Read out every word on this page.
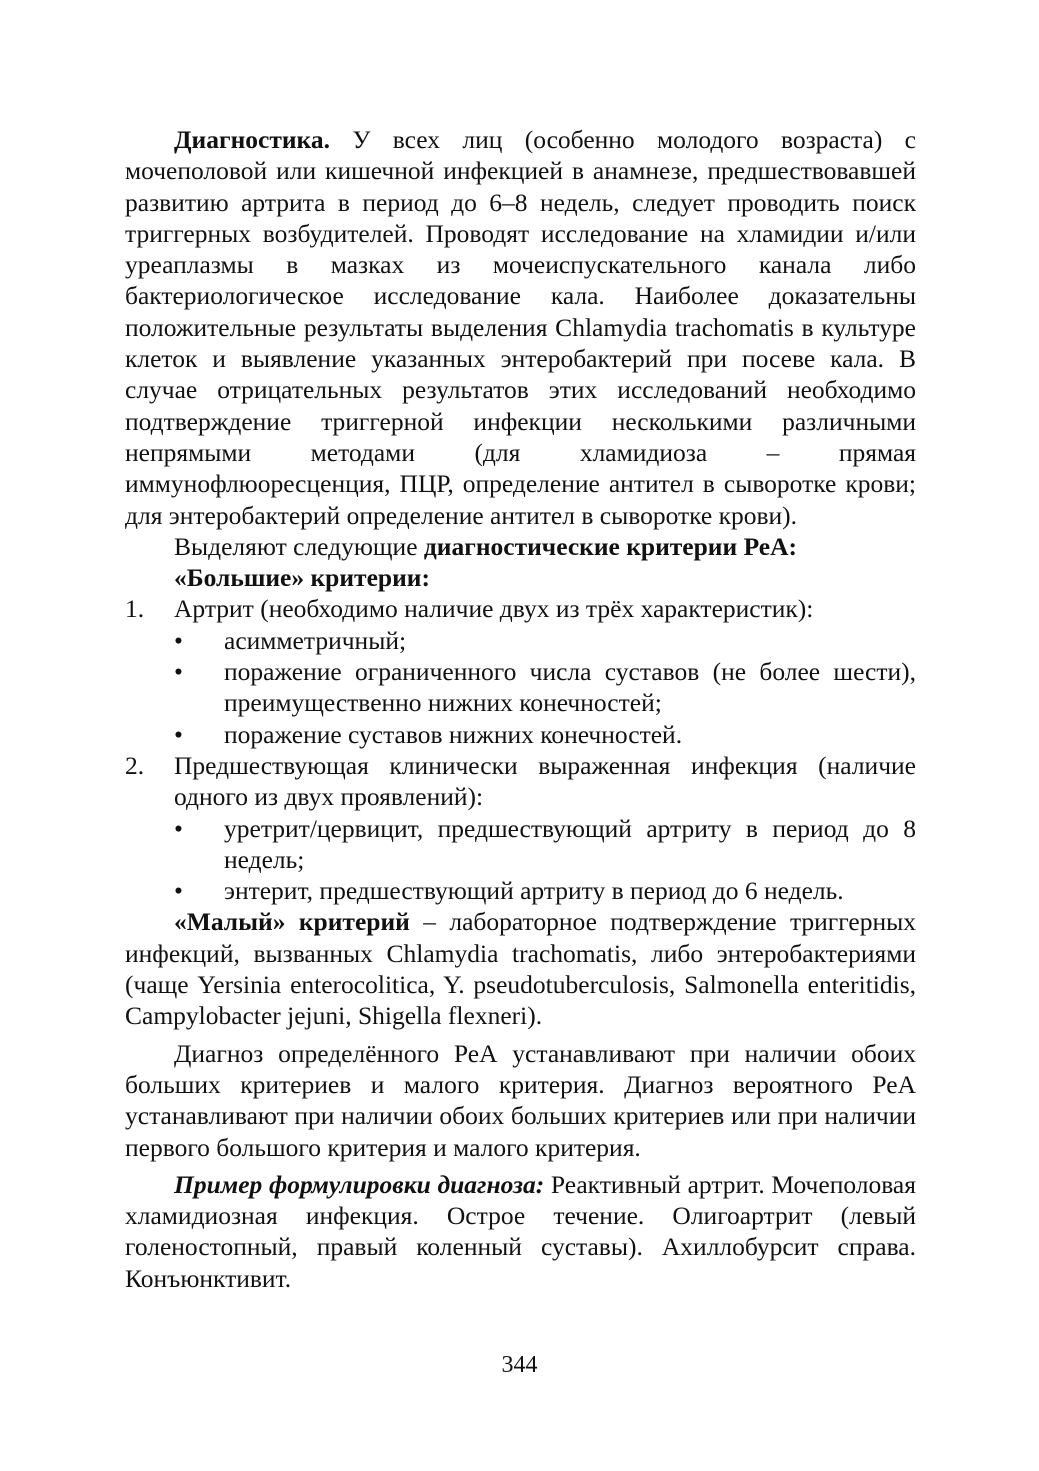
Диагностика. У всех лиц (особенно молодого возраста) с мочеполовой или кишечной инфекцией в анамнезе, предшествовавшей развитию артрита в период до 6–8 недель, следует проводить поиск триггерных возбудителей. Проводят исследование на хламидии и/или уреаплазмы в мазках из мочеиспускательного канала либо бактериологическое исследование кала. Наиболее доказательны положительные результаты выделения Chlamydia trachomatis в культуре клеток и выявление указанных энтеробактерий при посеве кала. В случае отрицательных результатов этих исследований необходимо подтверждение триггерной инфекции несколькими различными непрямыми методами (для хламидиоза – прямая иммунофлюоресценция, ПЦР, определение антител в сыворотке крови; для энтеробактерий определение антител в сыворотке крови).

Выделяют следующие диагностические критерии РеА:

«Большие» критерии:

1. Артрит (необходимо наличие двух из трёх характеристик):
• асимметричный;
• поражение ограниченного числа суставов (не более шести), преимущественно нижних конечностей;
• поражение суставов нижних конечностей.
2. Предшествующая клинически выраженная инфекция (наличие одного из двух проявлений):
• уретрит/цервицит, предшествующий артриту в период до 8 недель;
• энтерит, предшествующий артриту в период до 6 недель.

«Малый» критерий – лабораторное подтверждение триггерных инфекций, вызванных Chlamydia trachomatis, либо энтеробактериями (чаще Yersinia enterocolitica, Y. pseudotuberculosis, Salmonella enteritidis, Campylobacter jejuni, Shigella flexneri).

Диагноз определённого РеА устанавливают при наличии обоих больших критериев и малого критерия. Диагноз вероятного РеА устанавливают при наличии обоих больших критериев или при наличии первого большого критерия и малого критерия.

Пример формулировки диагноза: Реактивный артрит. Мочеполовая хламидиозная инфекция. Острое течение. Олигоартрит (левый голеностопный, правый коленный суставы). Ахиллобурсит справа. Конъюнктивит.

344
